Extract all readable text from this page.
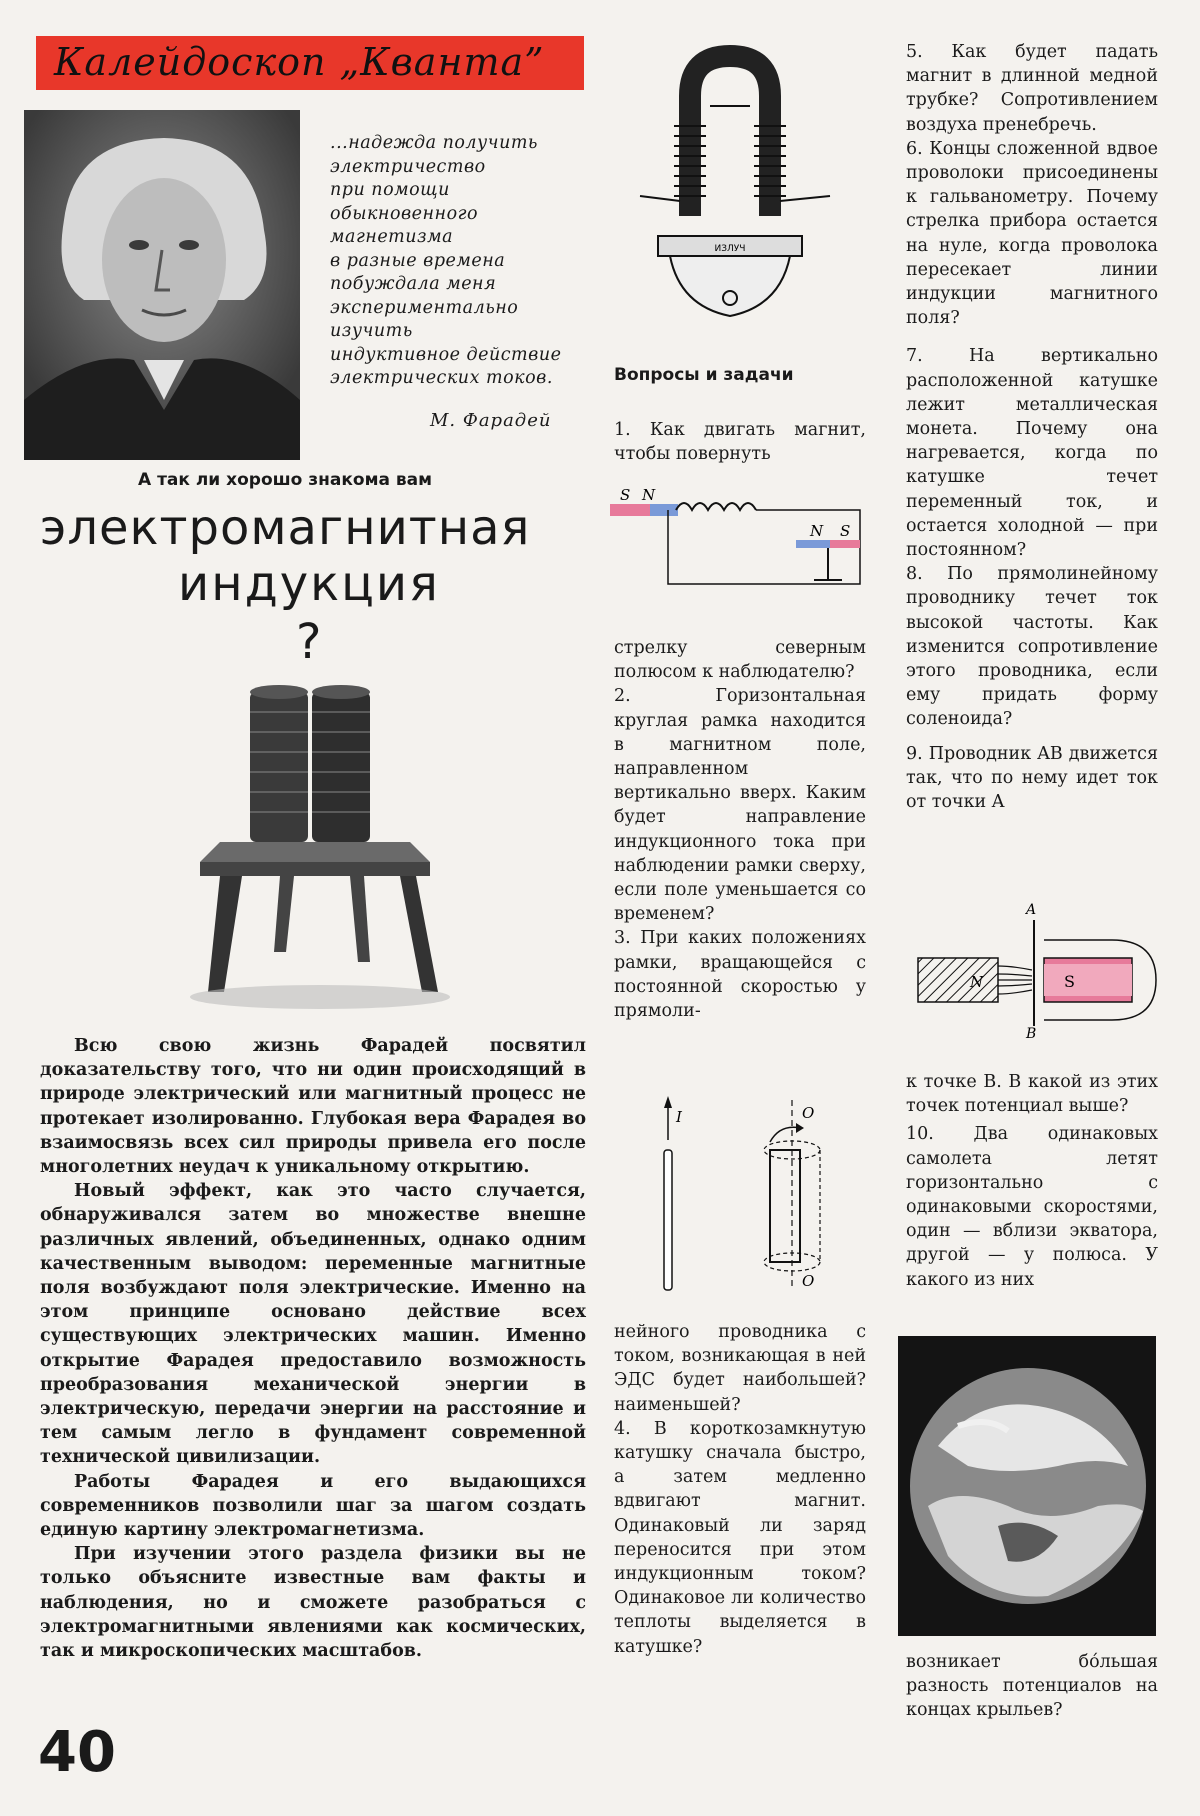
Калейдоскоп „Кванта”
...надежда получить
электричество
при помощи
обыкновенного
магнетизма
в разные времена
побуждала меня
экспериментально
изучить
индуктивное действие
электрических токов.
М. Фарадей
А так ли хорошо знакома вам
электромагнитная
индукция
?

Всю свою жизнь Фарадей посвятил доказательству того, что ни один происходящий в природе электрический или магнитный процесс не протекает изолированно. Глубокая вера Фарадея во взаимосвязь всех сил природы привела его после многолетних неудач к уникальному открытию.

Новый эффект, как это часто случается, обнаруживался затем во множестве внешне различных явлений, объединенных, однако одним качественным выводом: переменные магнитные поля возбуждают поля электрические. Именно на этом принципе основано действие всех существующих электрических машин. Именно открытие Фарадея предоставило возможность преобразования механической энергии в электрическую, передачи энергии на расстояние и тем самым легло в фундамент современной технической цивилизации.

Работы Фарадея и его выдающихся современников позволили шаг за шагом создать единую картину электромагнетизма.

При изучении этого раздела физики вы не только объясните известные вам факты и наблюдения, но и сможете разобраться с электромагнитными явлениями как космических, так и микроскопических масштабов.

40
ИЗЛУЧ
Вопросы и задачи

1. Как двигать магнит, чтобы повернуть

S N
N S

стрелку северным полюсом к наблюдателю?

2. Горизонтальная круглая рамка находится в магнитном поле, направленном вертикально вверх. Каким будет направление индукционного тока при наблюдении рамки сверху, если поле уменьшается со временем?

3. При каких положениях рамки, вращающейся с постоянной скоростью у прямоли-

I	O
O

нейного проводника с током, возникающая в ней ЭДС будет наибольшей? наименьшей?

4. В короткозамкнутую катушку сначала быстро, а затем медленно вдвигают магнит. Одинаковый ли заряд переносится при этом индукционным током? Одинаковое ли количество теплоты выделяется в катушке?

5. Как будет падать магнит в длинной медной трубке? Сопротивлением воздуха пренебречь.

6. Концы сложенной вдвое проволоки присоединены к гальванометру. Почему стрелка прибора остается на нуле, когда проволока пересекает линии индукции магнитного поля?

7. На вертикально расположенной катушке лежит металлическая монета. Почему она нагревается, когда по катушке течет переменный ток, и остается холодной — при постоянном?

8. По прямолинейному проводнику течет ток высокой частоты. Как изменится сопротивление этого проводника, если ему придать форму соленоида?

9. Проводник AB движется так, что по нему идет ток от точки A

N
A
B
S

к точке B. В какой из этих точек потенциал выше?

10. Два одинаковых самолета летят горизонтально с одинаковыми скоростями, один — вблизи экватора, другой — у полюса. У какого из них

возникает бо́льшая разность потенциалов на концах крыльев?
